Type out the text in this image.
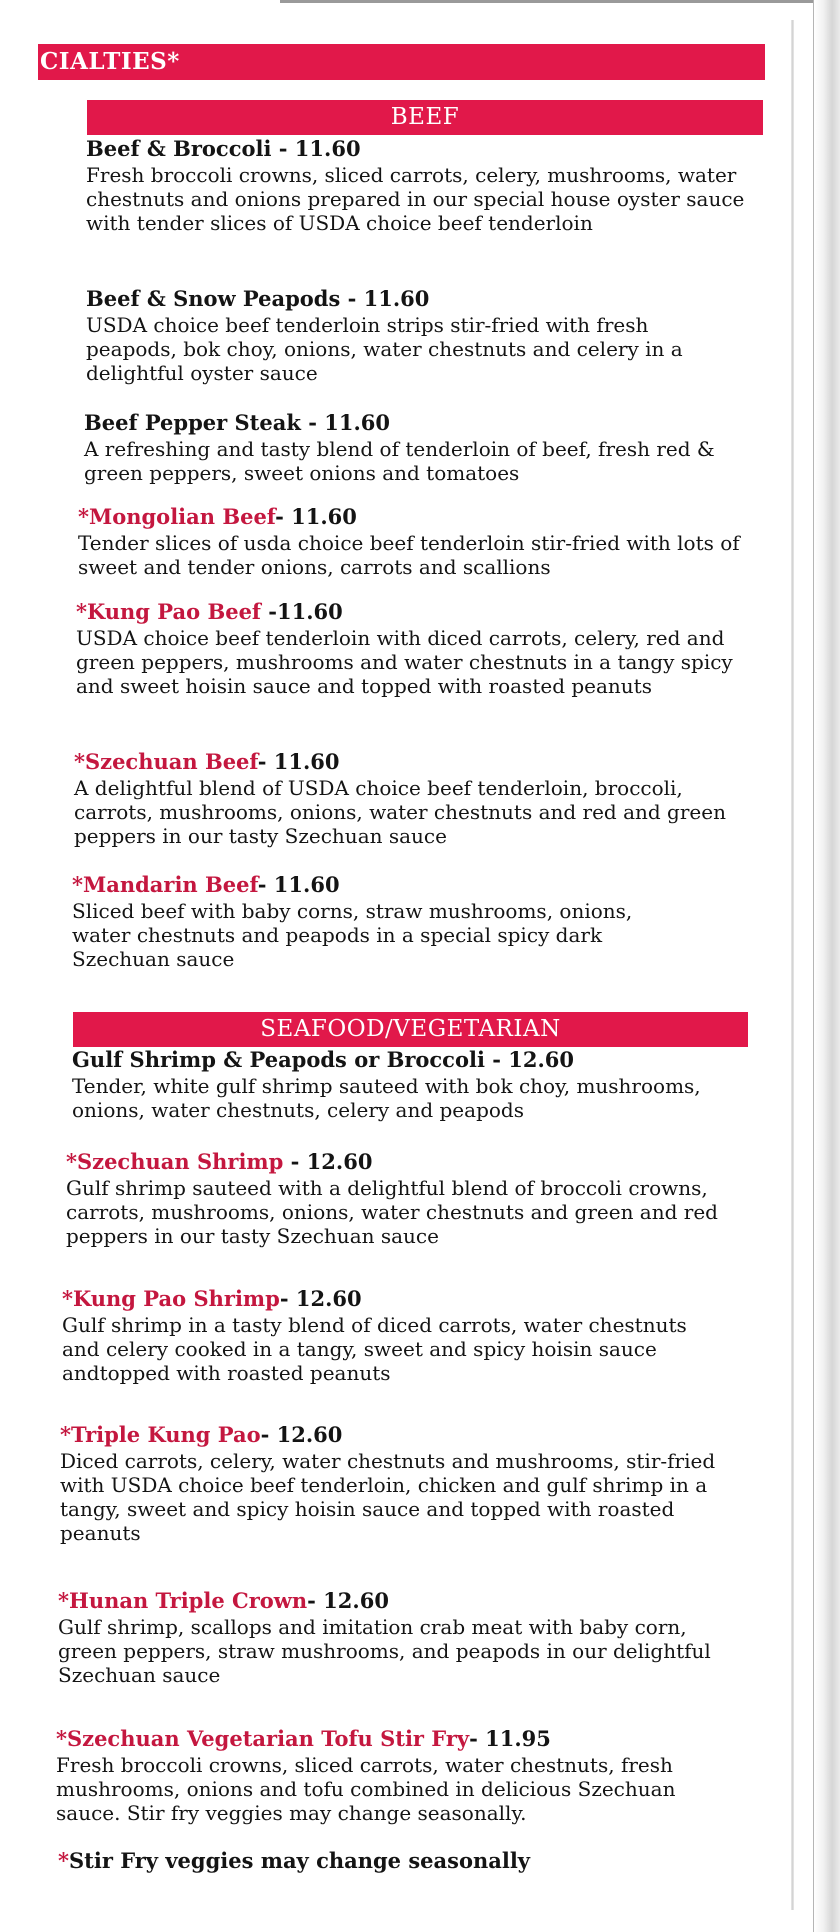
CIALTIES*
BEEF
Beef & Broccoli - 11.60
Fresh broccoli crowns, sliced carrots, celery, mushrooms, water chestnuts and onions prepared in our special house oyster sauce with tender slices of USDA choice beef tenderloin
Beef & Snow Peapods - 11.60
USDA choice beef tenderloin strips stir-fried with fresh peapods, bok choy, onions, water chestnuts and celery in a delightful oyster sauce
Beef Pepper Steak - 11.60
A refreshing and tasty blend of tenderloin of beef, fresh red & green peppers, sweet onions and tomatoes
*Mongolian Beef- 11.60
Tender slices of usda choice beef tenderloin stir-fried with lots of sweet and tender onions, carrots and scallions
*Kung Pao Beef -11.60
USDA choice beef tenderloin with diced carrots, celery, red and green peppers, mushrooms and water chestnuts in a tangy spicy and sweet hoisin sauce and topped with roasted peanuts
*Szechuan Beef- 11.60
A delightful blend of USDA choice beef tenderloin, broccoli, carrots, mushrooms, onions, water chestnuts and red and green peppers in our tasty Szechuan sauce
*Mandarin Beef- 11.60
Sliced beef with baby corns, straw mushrooms, onions, water chestnuts and peapods in a special spicy dark Szechuan sauce
SEAFOOD/VEGETARIAN
Gulf Shrimp & Peapods or Broccoli - 12.60
Tender, white gulf shrimp sauteed with bok choy, mushrooms, onions, water chestnuts, celery and peapods
*Szechuan Shrimp - 12.60
Gulf shrimp sauteed with a delightful blend of broccoli crowns, carrots, mushrooms, onions, water chestnuts and green and red peppers in our tasty Szechuan sauce
*Kung Pao Shrimp- 12.60
Gulf shrimp in a tasty blend of diced carrots, water chestnuts and celery cooked in a tangy, sweet and spicy hoisin sauce andtopped with roasted peanuts
*Triple Kung Pao- 12.60
Diced carrots, celery, water chestnuts and mushrooms, stir-fried with USDA choice beef tenderloin, chicken and gulf shrimp in a tangy, sweet and spicy hoisin sauce and topped with roasted peanuts
*Hunan Triple Crown- 12.60
Gulf shrimp, scallops and imitation crab meat with baby corn, green peppers, straw mushrooms, and peapods in our delightful Szechuan sauce
*Szechuan Vegetarian Tofu Stir Fry- 11.95
Fresh broccoli crowns, sliced carrots, water chestnuts, fresh mushrooms, onions and tofu combined in delicious Szechuan sauce. Stir fry veggies may change seasonally.
*Stir Fry veggies may change seasonally
